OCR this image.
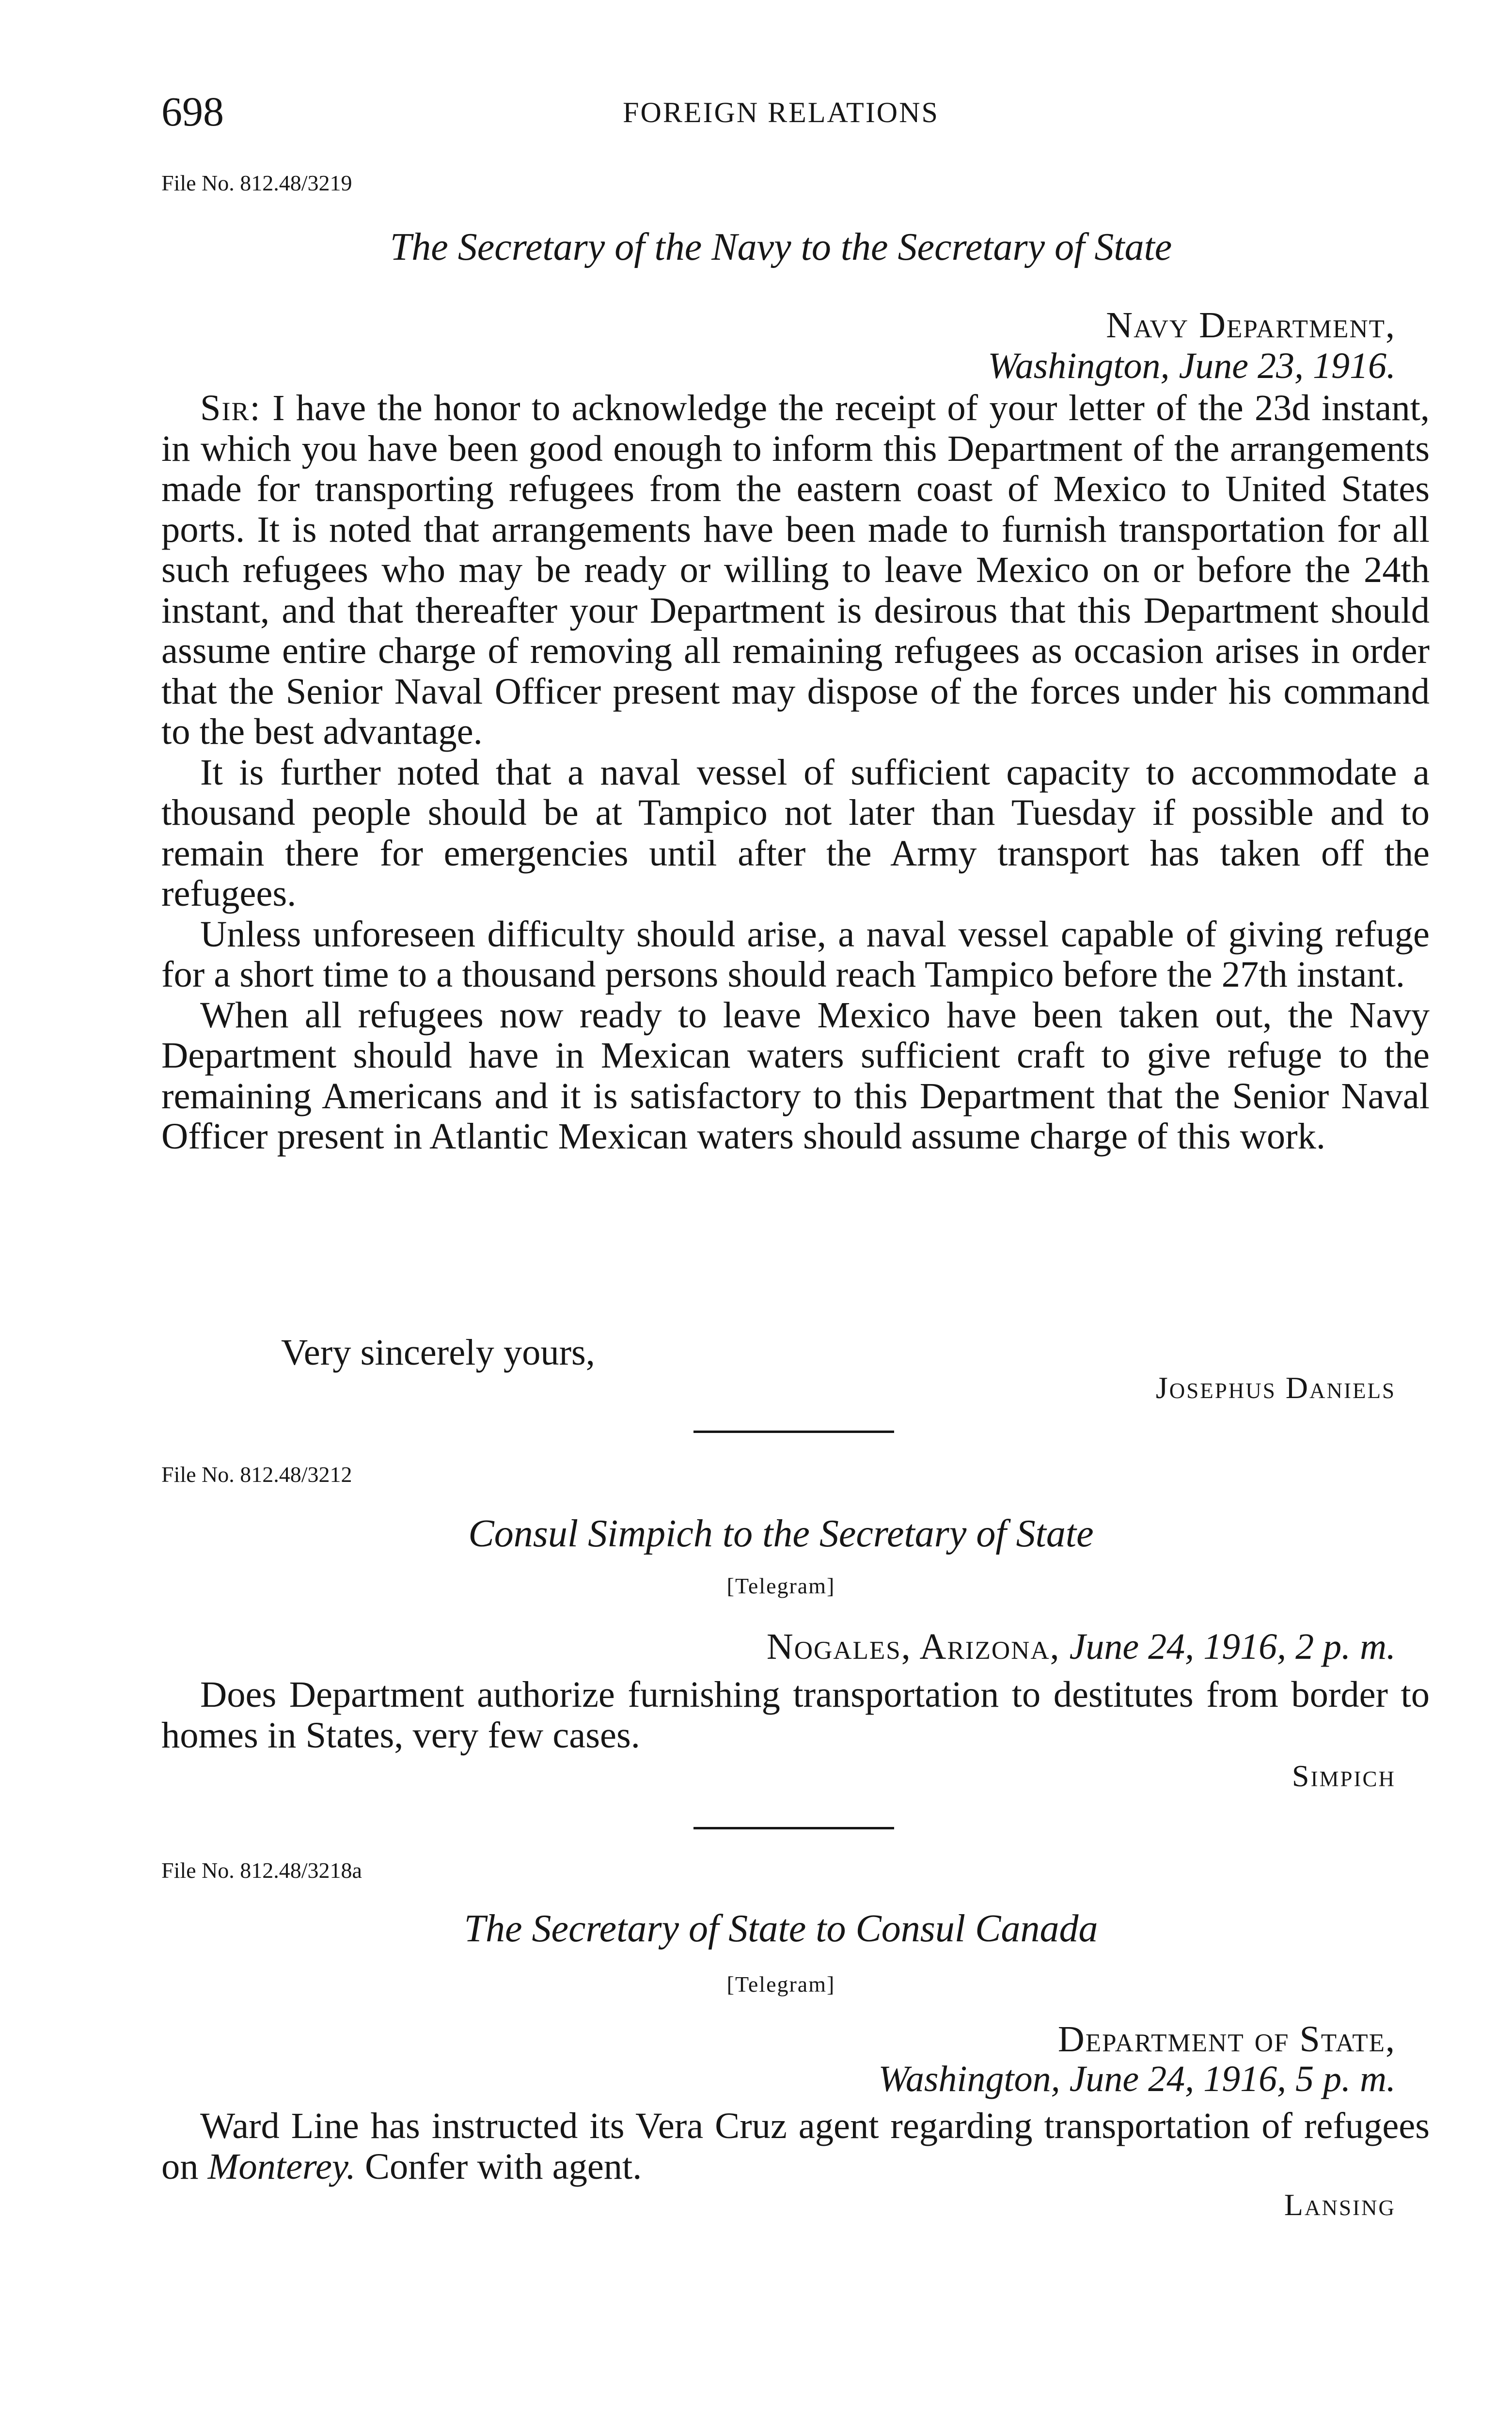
698	FOREIGN RELATIONS
File No. 812.48/3219
The Secretary of the Navy to the Secretary of State
Navy Department,
Washington, June 23, 1916.

Sir: I have the honor to acknowledge the receipt of your letter of the 23d instant, in which you have been good enough to inform this Department of the arrangements made for transporting refugees from the eastern coast of Mexico to United States ports. It is noted that arrangements have been made to furnish transportation for all such refugees who may be ready or willing to leave Mexico on or before the 24th instant, and that thereafter your Department is desirous that this Department should assume entire charge of removing all remaining refugees as occasion arises in order that the Senior Naval Officer present may dispose of the forces under his command to the best advantage.

It is further noted that a naval vessel of sufficient capacity to accommodate a thousand people should be at Tampico not later than Tuesday if possible and to remain there for emergencies until after the Army transport has taken off the refugees.

Unless unforeseen difficulty should arise, a naval vessel capable of giving refuge for a short time to a thousand persons should reach Tampico before the 27th instant.

When all refugees now ready to leave Mexico have been taken out, the Navy Department should have in Mexican waters sufficient craft to give refuge to the remaining Americans and it is satisfactory to this Department that the Senior Naval Officer present in Atlantic Mexican waters should assume charge of this work.

Very sincerely yours,
Josephus Daniels
File No. 812.48/3212
Consul Simpich to the Secretary of State
[Telegram]
Nogales, Arizona, June 24, 1916, 2 p. m.

Does Department authorize furnishing transportation to destitutes from border to homes in States, very few cases.

Simpich
File No. 812.48/3218a
The Secretary of State to Consul Canada
[Telegram]
Department of State,
Washington, June 24, 1916, 5 p. m.

Ward Line has instructed its Vera Cruz agent regarding transportation of refugees on Monterey. Confer with agent.

Lansing
